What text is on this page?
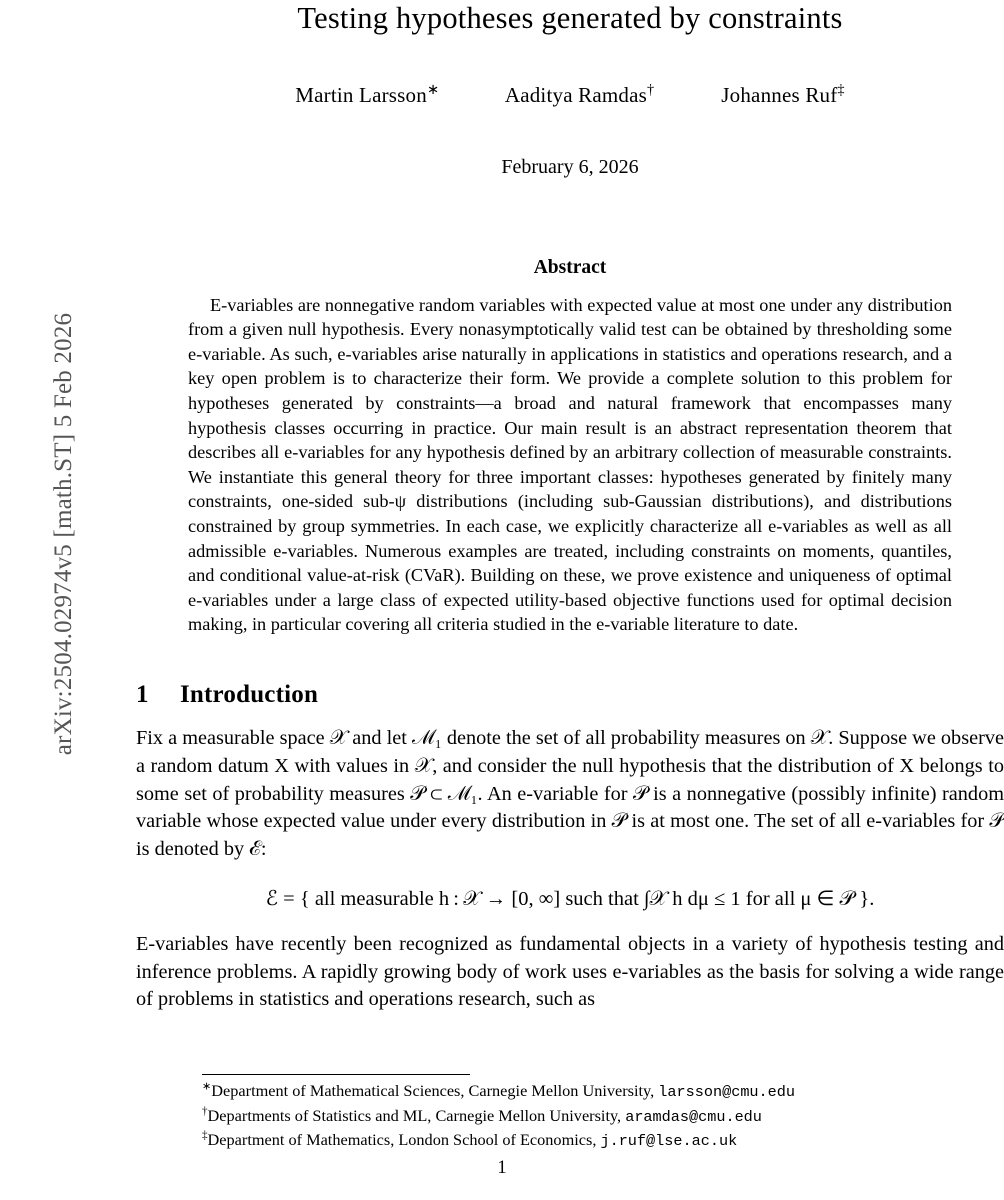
arXiv:2504.02974v5 [math.ST] 5 Feb 2026
Testing hypotheses generated by constraints
Martin Larsson∗	Aaditya Ramdas†	Johannes Ruf‡
February 6, 2026
Abstract

E-variables are nonnegative random variables with expected value at most one under any distribution from a given null hypothesis. Every nonasymptotically valid test can be obtained by thresholding some e-variable. As such, e-variables arise naturally in applications in statistics and operations research, and a key open problem is to characterize their form. We provide a complete solution to this problem for hypotheses generated by constraints—a broad and natural framework that encompasses many hypothesis classes occurring in practice. Our main result is an abstract representation theorem that describes all e-variables for any hypothesis defined by an arbitrary collection of measurable constraints. We instantiate this general theory for three important classes: hypotheses generated by finitely many constraints, one-sided sub-ψ distributions (including sub-Gaussian distributions), and distributions constrained by group symmetries. In each case, we explicitly characterize all e-variables as well as all admissible e-variables. Numerous examples are treated, including constraints on moments, quantiles, and conditional value-at-risk (CVaR). Building on these, we prove existence and uniqueness of optimal e-variables under a large class of expected utility-based objective functions used for optimal decision making, in particular covering all criteria studied in the e-variable literature to date.

1 Introduction

Fix a measurable space 𝒳 and let ℳ₁ denote the set of all probability measures on 𝒳. Suppose we observe a random datum X with values in 𝒳, and consider the null hypothesis that the distribution of X belongs to some set of probability measures 𝒫 ⊂ ℳ₁. An e-variable for 𝒫 is a nonnegative (possibly infinite) random variable whose expected value under every distribution in 𝒫 is at most one. The set of all e-variables for 𝒫 is denoted by ℰ:

ℰ = { all measurable h : 𝒳 → [0, ∞] such that ∫𝒳 h dμ ≤ 1 for all μ ∈ 𝒫 }.

E-variables have recently been recognized as fundamental objects in a variety of hypothesis testing and inference problems. A rapidly growing body of work uses e-variables as the basis for solving a wide range of problems in statistics and operations research, such as

∗Department of Mathematical Sciences, Carnegie Mellon University, larsson@cmu.edu
†Departments of Statistics and ML, Carnegie Mellon University, aramdas@cmu.edu
‡Department of Mathematics, London School of Economics, j.ruf@lse.ac.uk
1
